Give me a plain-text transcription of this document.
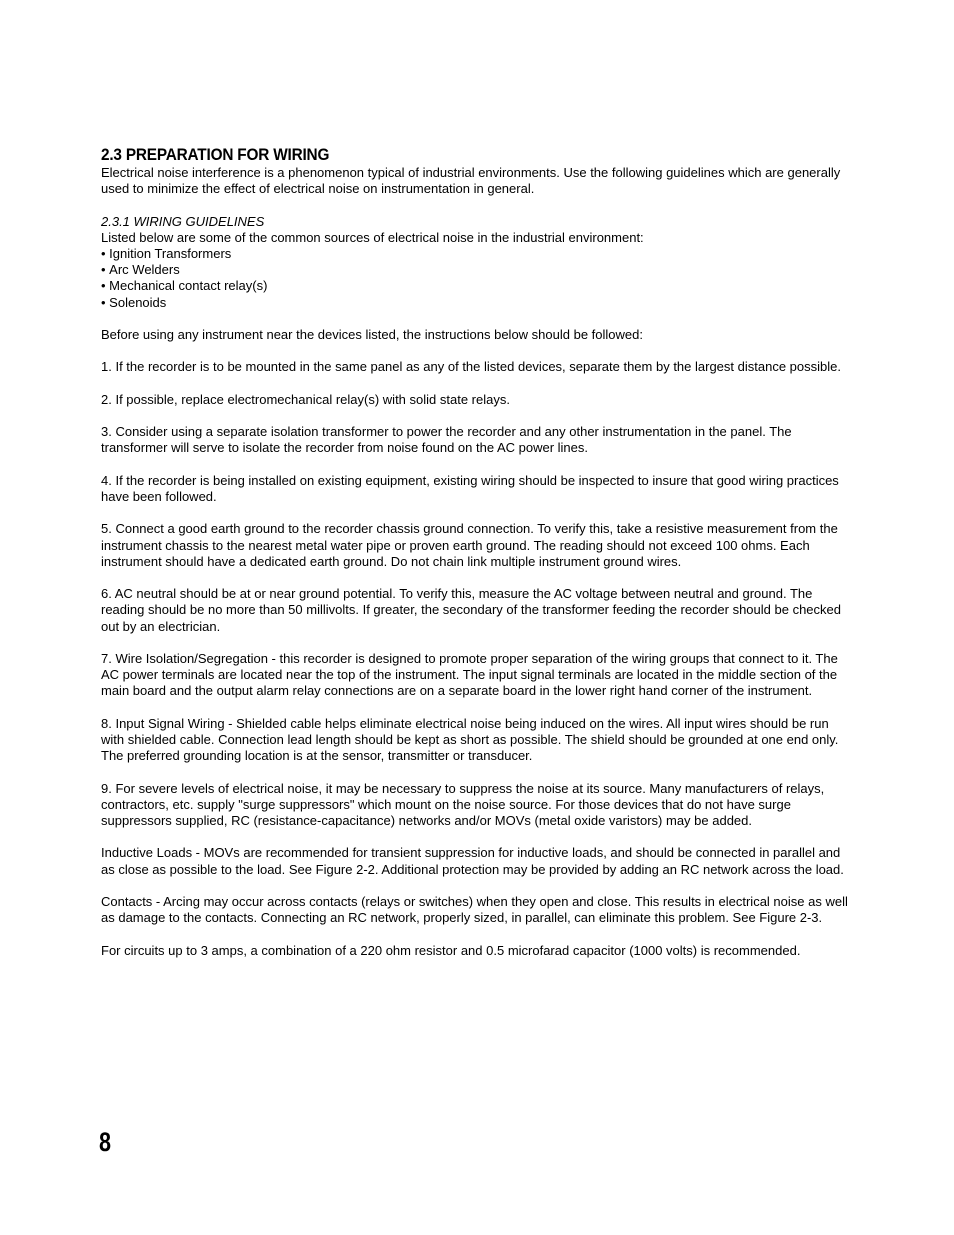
2.3 PREPARATION FOR WIRING

Electrical noise interference is a phenomenon typical of industrial environments. Use the following guidelines which are generally used to minimize the effect of electrical noise on instrumentation in general.

2.3.1 WIRING GUIDELINES

Listed below are some of the common sources of electrical noise in the industrial environment:

• Ignition Transformers
• Arc Welders
• Mechanical contact relay(s)
• Solenoids

Before using any instrument near the devices listed, the instructions below should be followed:

1. If the recorder is to be mounted in the same panel as any of the listed devices, separate them by the largest distance possible.

2. If possible, replace electromechanical relay(s) with solid state relays.

3. Consider using a separate isolation transformer to power the recorder and any other instrumentation in the panel. The transformer will serve to isolate the recorder from noise found on the AC power lines.

4. If the recorder is being installed on existing equipment, existing wiring should be inspected to insure that good wiring practices have been followed.

5. Connect a good earth ground to the recorder chassis ground connection. To verify this, take a resistive measurement from the instrument chassis to the nearest metal water pipe or proven earth ground. The reading should not exceed 100 ohms. Each instrument should have a dedicated earth ground. Do not chain link multiple instrument ground wires.

6. AC neutral should be at or near ground potential. To verify this, measure the AC voltage between neutral and ground. The reading should be no more than 50 millivolts. If greater, the secondary of the transformer feeding the recorder should be checked out by an electrician.

7. Wire Isolation/Segregation - this recorder is designed to promote proper separation of the wiring groups that connect to it. The AC power terminals are located near the top of the instrument. The input signal terminals are located in the middle section of the main board and the output alarm relay connections are on a separate board in the lower right hand corner of the instrument.

8. Input Signal Wiring - Shielded cable helps eliminate electrical noise being induced on the wires. All input wires should be run with shielded cable. Connection lead length should be kept as short as possible. The shield should be grounded at one end only. The preferred grounding location is at the sensor, transmitter or transducer.

9. For severe levels of electrical noise, it may be necessary to suppress the noise at its source. Many manufacturers of relays, contractors, etc. supply "surge suppressors" which mount on the noise source. For those devices that do not have surge suppressors supplied, RC (resistance-capacitance) networks and/or MOVs (metal oxide varistors) may be added.

Inductive Loads - MOVs are recommended for transient suppression for inductive loads, and should be connected in parallel and as close as possible to the load. See Figure 2-2. Additional protection may be provided by adding an RC network across the load.

Contacts - Arcing may occur across contacts (relays or switches) when they open and close. This results in electrical noise as well as damage to the contacts. Connecting an RC network, properly sized, in parallel, can eliminate this problem. See Figure 2-3.

For circuits up to 3 amps, a combination of a 220 ohm resistor and 0.5 microfarad capacitor (1000 volts) is recommended.

8
